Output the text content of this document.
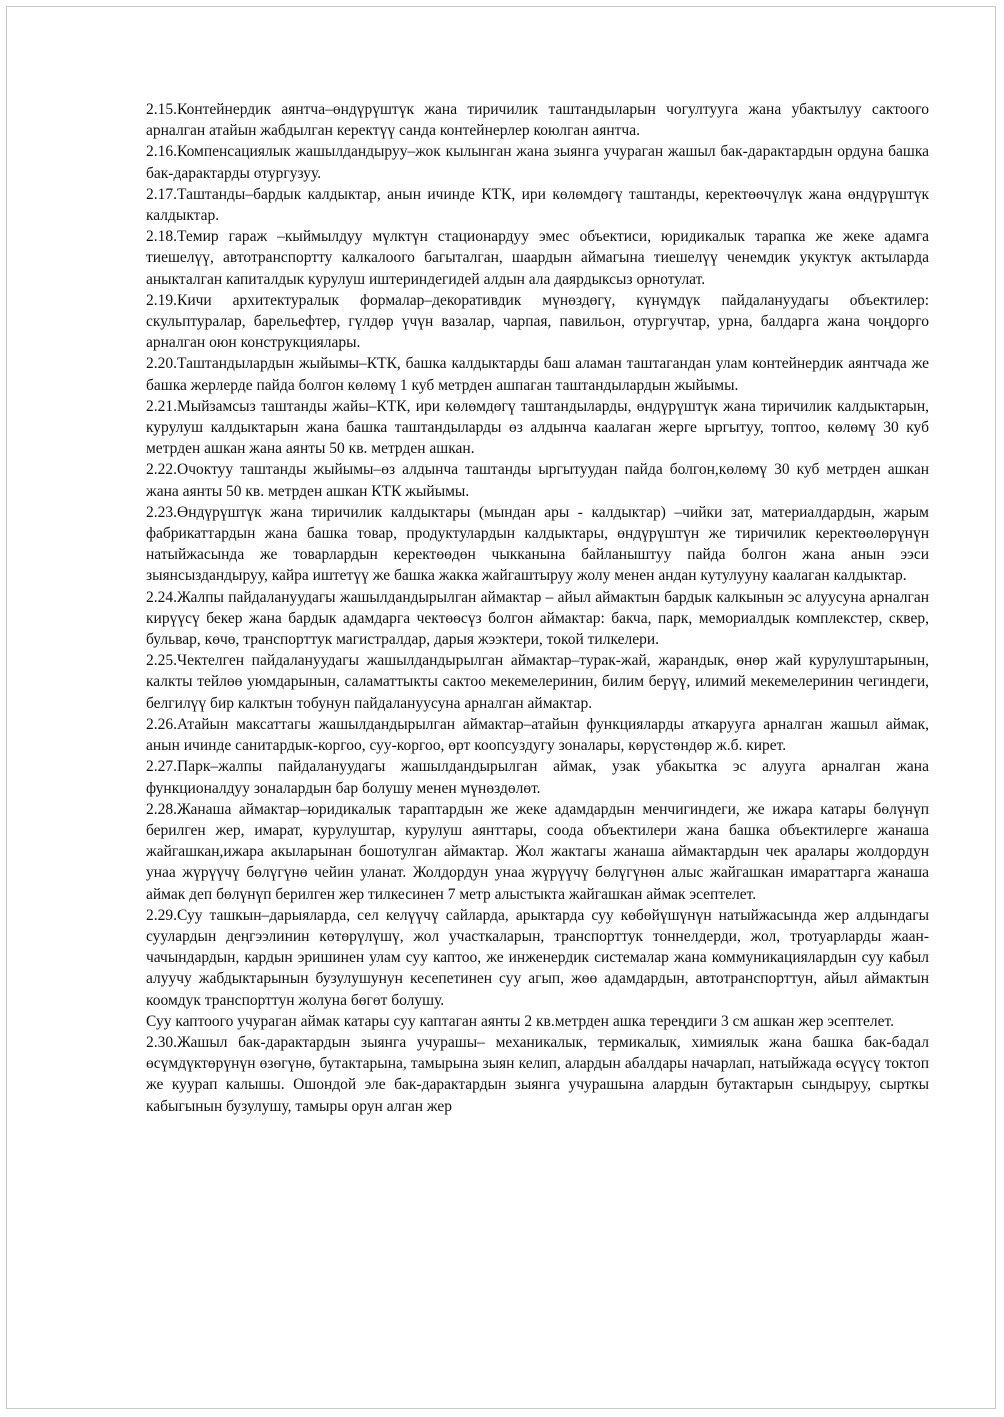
2.15.Контейнердик аянтча–өндүрүштүк жана тиричилик таштандыларын чогултууга жана убактылуу сактоого арналган атайын жабдылган керектүү санда контейнерлер коюлган аянтча.

2.16.Компенсациялык жашылдандыруу–жок кылынган жана зыянга учураган жашыл бак-дарактардын ордуна башка бак-дарактарды отургузуу.

2.17.Таштанды–бардык калдыктар, анын ичинде КТК, ири көлөмдөгү таштанды, керектөөчүлүк жана өндүрүштүк калдыктар.

2.18.Темир гараж –кыймылдуу мүлктүн стационардуу эмес объектиси, юридикалык тарапка же жеке адамга тиешелүү, автотранспортту калкалоого багыталган, шаардын аймагына тиешелүү ченемдик укуктук актыларда аныкталган капиталдык курулуш иштериндегидей алдын ала даярдыксыз орнотулат.

2.19.Кичи архитектуралык формалар–декоративдик мүнөздөгү, күнүмдүк пайдалануудагы объектилер: скульптуралар, барельефтер, гүлдөр үчүн вазалар, чарпая, павильон, отургучтар, урна, балдарга жана чоңдорго арналган оюн конструкциялары.

2.20.Таштандылардын жыйымы–КТК, башка калдыктарды баш аламан таштагандан улам контейнердик аянтчада же башка жерлерде пайда болгон көлөмү 1 куб метрден ашпаган таштандылардын жыйымы.

2.21.Мыйзамсыз таштанды жайы–КТК, ири көлөмдөгү таштандыларды, өндүрүштүк жана тиричилик калдыктарын, курулуш калдыктарын жана башка таштандыларды өз алдынча каалаган жерге ыргытуу, топтоо, көлөмү 30 куб метрден ашкан жана аянты 50 кв. метрден ашкан.

2.22.Очоктуу таштанды жыйымы–өз алдынча таштанды ыргытуудан пайда болгон,көлөмү 30 куб метрден ашкан жана аянты 50 кв. метрден ашкан КТК жыйымы.

2.23.Өндүрүштүк жана тиричилик калдыктары (мындан ары - калдыктар) –чийки зат, материалдардын, жарым фабрикаттардын жана башка товар, продуктулардын калдыктары, өндүрүштүн же тиричилик керектөөлөрүнүн натыйжасында же товарлардын керектөөдөн чыкканына байланыштуу пайда болгон жана анын ээси зыянсыздандыруу, кайра иштетүү же башка жакка жайгаштыруу жолу менен андан кутулууну каалаган калдыктар.

2.24.Жалпы пайдалануудагы жашылдандырылган аймактар – айыл аймактын бардык калкынын эс алуусуна арналган кирүүсү бекер жана бардык адамдарга чектөөсүз болгон аймактар: бакча, парк, мемориалдык комплекстер, сквер, бульвар, көчө, транспорттук магистралдар, дарыя жээктери, токой тилкелери.

2.25.Чектелген пайдалануудагы жашылдандырылган аймактар–турак-жай, жарандык, өнөр жай курулуштарынын, калкты тейлөө уюмдарынын, саламаттыкты сактоо мекемелеринин, билим берүү, илимий мекемелеринин чегиндеги, белгилүү бир калктын тобунун пайдалануусуна арналган аймактар.

2.26.Атайын максаттагы жашылдандырылган аймактар–атайын функцияларды аткарууга арналган жашыл аймак, анын ичинде санитардык-коргоо, суу-коргоо, өрт коопсуздугу зоналары, көрүстөндөр ж.б. кирет.

2.27.Парк–жалпы пайдалануудагы жашылдандырылган аймак, узак убакытка эс алууга арналган жана функционалдуу зоналардын бар болушу менен мүнөздөлөт.

2.28.Жанаша аймактар–юридикалык тараптардын же жеке адамдардын менчигиндеги, же ижара катары бөлүнүп берилген жер, имарат, курулуштар, курулуш аянттары, соода объектилери жана башка объектилерге жанаша жайгашкан,ижара акыларынан бошотулган аймактар. Жол жактагы жанаша аймактардын чек аралары жолдордун унаа жүрүүчү бөлүгүнө чейин уланат. Жолдордун унаа жүрүүчү бөлүгүнөн алыс жайгашкан имараттарга жанаша аймак деп бөлүнүп берилген жер тилкесинен 7 метр алыстыкта жайгашкан аймак эсептелет.

2.29.Суу ташкын–дарыяларда, сел келүүчү сайларда, арыктарда суу көбөйүшүнүн натыйжасында жер алдындагы суулардын деңгээлинин көтөрүлүшү, жол участкаларын, транспорттук тоннелдерди, жол, тротуарларды жаан-чачындардын, кардын эришинен улам суу каптоо, же инженердик системалар жана коммуникациялардын суу кабыл алуучу жабдыктарынын бузулушунун кесепетинен суу агып, жөө адамдардын, автотранспорттун, айыл аймактын коомдук транспорттун жолуна бөгөт болушу.

Суу каптоого учураган аймак катары суу каптаган аянты 2 кв.метрден ашка тереңдиги 3 см ашкан жер эсептелет.

2.30.Жашыл бак-дарактардын зыянга учурашы– механикалык, термикалык, химиялык жана башка бак-бадал өсүмдүктөрүнүн өзөгүнө, бутактарына, тамырына зыян келип, алардын абалдары начарлап, натыйжада өсүүсү токтоп же куурап калышы. Ошондой эле бак-дарактардын зыянга учурашына алардын бутактарын сындыруу, сырткы кабыгынын бузулушу, тамыры орун алган жер
